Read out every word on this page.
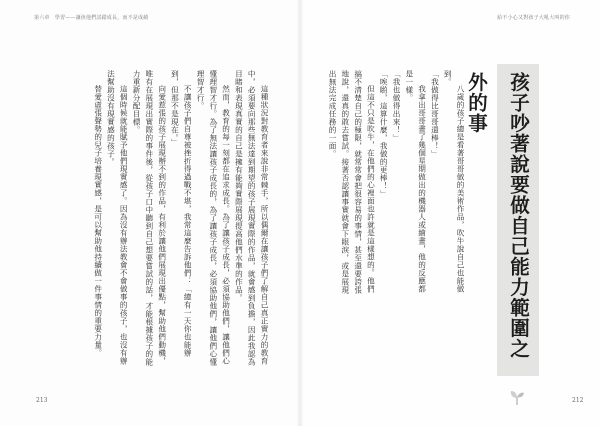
第六章　學習——讓孩他們試錯成長，而不是成績
213
給不小心又對孩子大吼大叫的你
212

這種狀況對教育者來說非常棘手，所以偶爾在讓孩子們了解自己真正實力的教育中，必須要向那些無法達到期望的孩子展現實際的作品，就會感到負擔，因此我認為目睹和表現真實的自己是擁有能夠實際展現提高他們水準的作品。

然而，教育的每一刻都在追求成長。為了讓孩子成長，必須協助他們，讓他們心懂理智才行。為了無法讓孩子成長的，為了讓孩子成長，必須協助他們，讓他們心懂理智才行。

不讓孩子們自尊被挫折得過戰不堪，我常這麼告訴他們：「總有一天你也能辦到，但那不是現在。」

向愛惹張的孩子展現辦不到的作品，有利於讓他們展現出優點，幫助他們動機，唯有在展現出實際的事件後，從孩子口中聽到自己想要嘗試的話，才能根據孩子的能力重新分配目標。

這個時候就能賦予他們現實感了。因為沒有辦法教會不會做事的孩子，也沒有辦法幫助沒有現實感的孩子。

替愛虛張聲勢的兒子培養現實感，是可以幫助他持續做一件事情的重要力量。	八歲的孩子總是看著哥哥做的美術作品，吹牛說自己也能做到。

「我做得比哥哥還棒！」

我拿出哥哥畫了幾個星期做出的機器人或繪畫，他的反應都是一樣。

「我也做得出來！」

「唉喲，這算什麼，我做的更棒！」

但這不只是吹牛，在他們的心裡面也許就是這樣想的。他們搞不清楚自己的極限，就常常會把很容易的事情，甚至還要誇張地說，還真的敢去嘗試。接著否認讓事實就會下眼淚，或是展現出無法完成任務的一面。	孩子吵著說要做自己能力範圍之外的事
